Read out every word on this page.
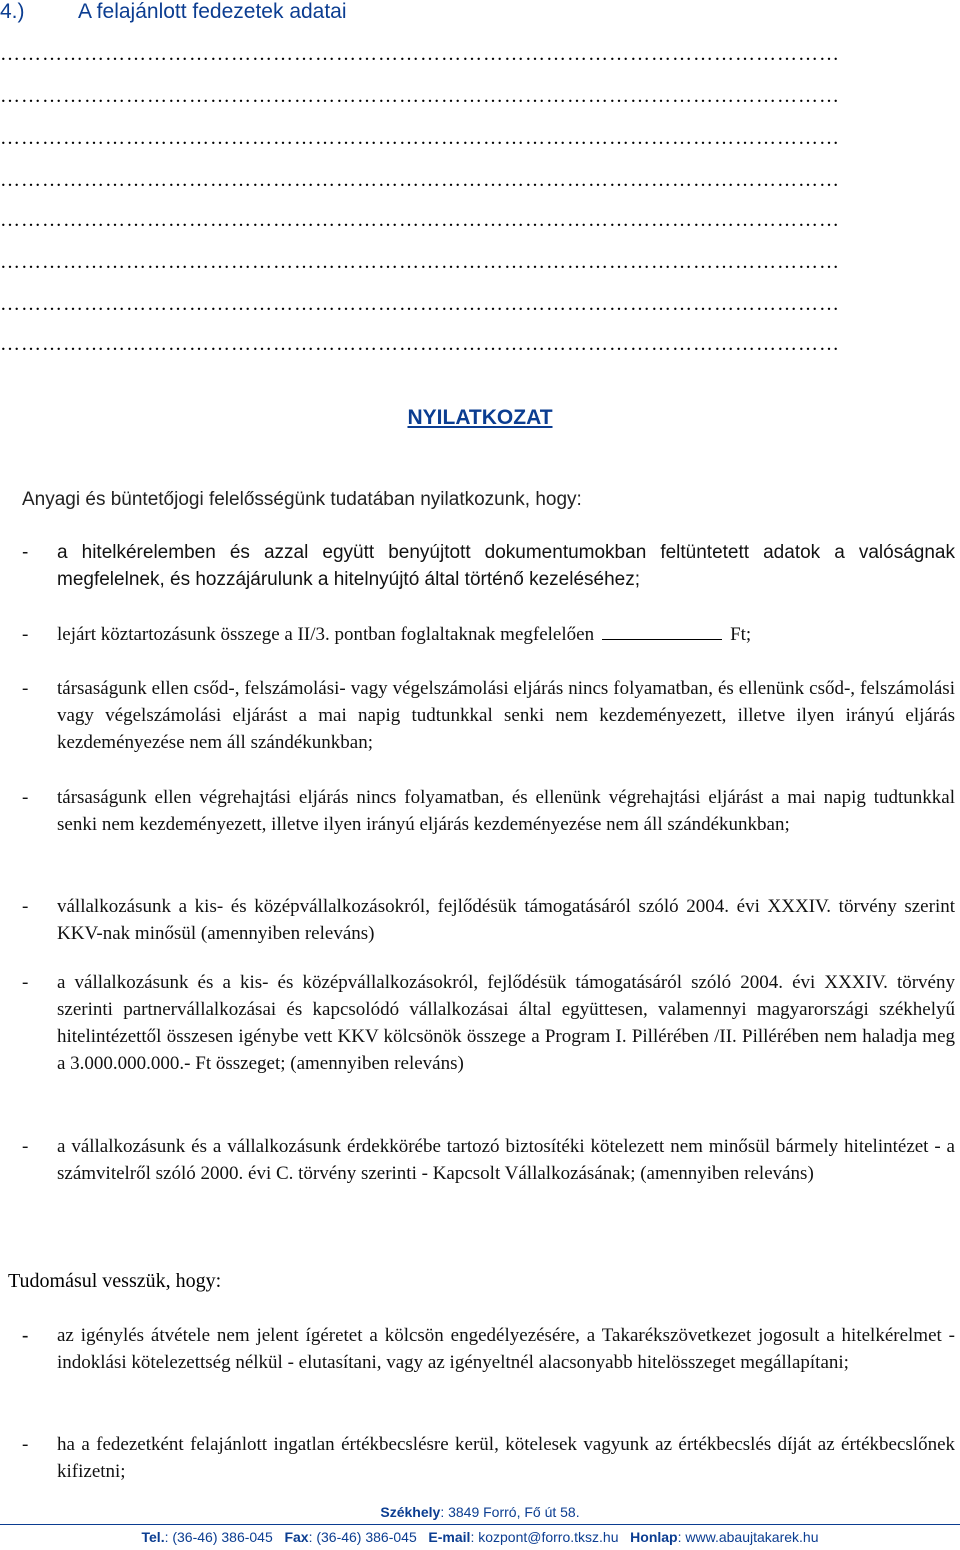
4.)	A felajánlott fedezetek adatai

…………………………………………………………………………………………………………

…………………………………………………………………………………………………………

…………………………………………………………………………………………………………

…………………………………………………………………………………………………………

…………………………………………………………………………………………………………

…………………………………………………………………………………………………………

…………………………………………………………………………………………………………

…………………………………………………………………………………………………………

NYILATKOZAT

Anyagi és büntetőjogi felelősségünk tudatában nyilatkozunk, hogy:

- a hitelkérelemben és azzal együtt benyújtott dokumentumokban feltüntetett adatok a valóságnak megfelelnek, és hozzájárulunk a hitelnyújtó által történő kezeléséhez;
- lejárt köztartozásunk összege a II/3. pontban foglaltaknak megfelelően	Ft;
- társaságunk ellen csőd-, felszámolási- vagy végelszámolási eljárás nincs folyamatban, és ellenünk csőd-, felszámolási vagy végelszámolási eljárást a mai napig tudtunkkal senki nem kezdeményezett, illetve ilyen irányú eljárás kezdeményezése nem áll szándékunkban;
- társaságunk ellen végrehajtási eljárás nincs folyamatban, és ellenünk végrehajtási eljárást a mai napig tudtunkkal senki nem kezdeményezett, illetve ilyen irányú eljárás kezdeményezése nem áll szándékunkban;
- vállalkozásunk a kis- és középvállalkozásokról, fejlődésük támogatásáról szóló 2004. évi XXXIV. törvény szerint KKV-nak minősül (amennyiben releváns)
- a vállalkozásunk és a kis- és középvállalkozásokról, fejlődésük támogatásáról szóló 2004. évi XXXIV. törvény szerinti partnervállalkozásai és kapcsolódó vállalkozásai által együttesen, valamennyi magyarországi székhelyű hitelintézettől összesen igénybe vett KKV kölcsönök összege a Program I. Pillérében /II. Pillérében nem haladja meg a 3.000.000.000.- Ft összeget; (amennyiben releváns)
- a vállalkozásunk és a vállalkozásunk érdekkörébe tartozó biztosítéki kötelezett nem minősül bármely hitelintézet - a számvitelről szóló 2000. évi C. törvény szerinti - Kapcsolt Vállalkozásának; (amennyiben releváns)

Tudomásul vesszük, hogy:

- az igénylés átvétele nem jelent ígéretet a kölcsön engedélyezésére, a Takarékszövetkezet jogosult a hitelkérelmet - indoklási kötelezettség nélkül - elutasítani, vagy az igényeltnél alacsonyabb hitelösszeget megállapítani;
- ha a fedezetként felajánlott ingatlan értékbecslésre kerül, kötelesek vagyunk az értékbecslés díját az értékbecslőnek kifizetni;

Székhely: 3849 Forró, Fő út 58.

Tel.: (36-46) 386-045 Fax: (36-46) 386-045 E-mail: kozpont@forro.tksz.hu Honlap: www.abaujtakarek.hu
